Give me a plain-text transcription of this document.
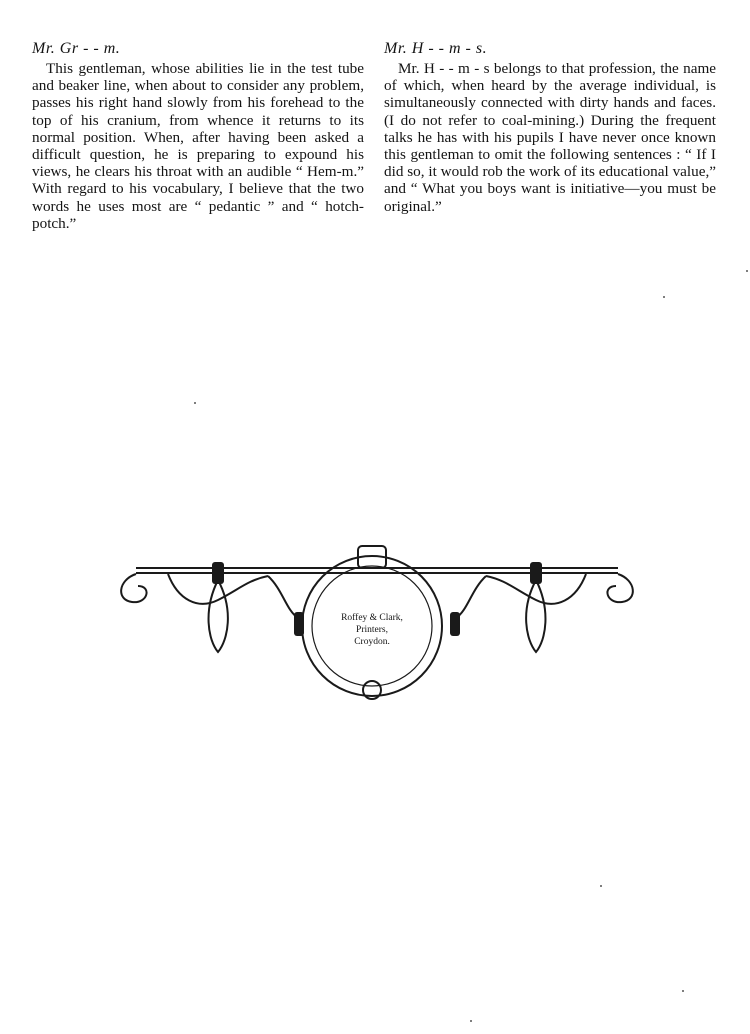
Mr. Gr - - m.

This gentleman, whose abilities lie in the test tube and beaker line, when about to consider any problem, passes his right hand slowly from his forehead to the top of his cranium, from whence it returns to its normal position. When, after having been asked a difficult question, he is preparing to expound his views, he clears his throat with an audible “ Hem-m.” With regard to his vocabulary, I believe that the two words he uses most are “ pedantic ” and “ hotch-potch.”

Mr. H - - m - s.

Mr. H - - m - s belongs to that profession, the name of which, when heard by the average individual, is simultaneously connected with dirty hands and faces. (I do not refer to coal-mining.) During the frequent talks he has with his pupils I have never once known this gentleman to omit the following sentences : “ If I did so, it would rob the work of its educational value,” and “ What you boys want is initiative—you must be original.”

Roffey & Clark,
Printers,
Croydon.
